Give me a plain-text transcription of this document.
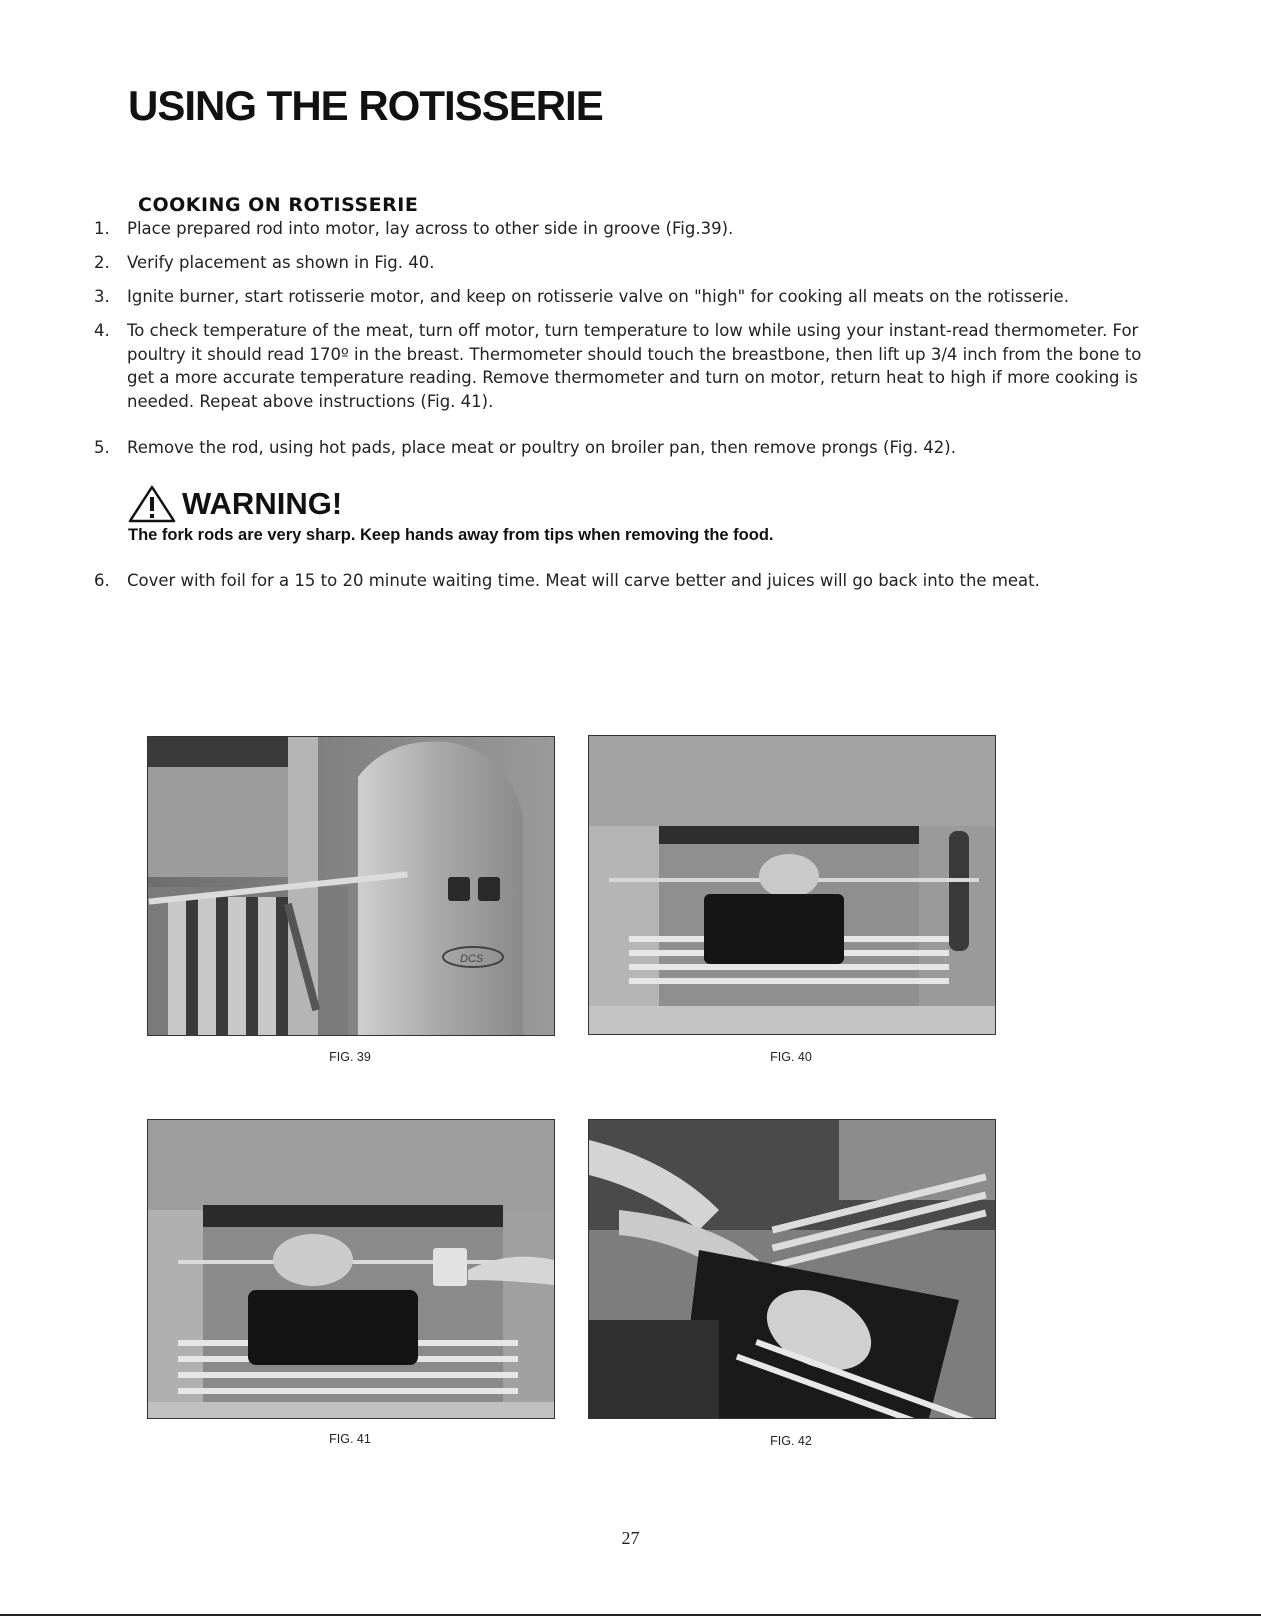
USING THE ROTISSERIE
COOKING ON ROTISSERIE
1. Place prepared rod into motor, lay across to other side in groove (Fig.39).
2. Verify placement as shown in Fig. 40.
3. Ignite burner, start rotisserie motor, and keep on rotisserie valve on "high" for cooking all meats on the rotisserie.
4. To check temperature of the meat, turn off motor, turn temperature to low while using your instant-read thermometer. For poultry it should read 170º in the breast. Thermometer should touch the breastbone, then lift up 3/4 inch from the bone to get a more accurate temperature reading. Remove thermometer and turn on motor, return heat to high if more cooking is needed. Repeat above instructions (Fig. 41).
5. Remove the rod, using hot pads, place meat or poultry on broiler pan, then remove prongs (Fig. 42).
WARNING!
The fork rods are very sharp. Keep hands away from tips when removing the food.
6. Cover with foil for a 15 to 20 minute waiting time. Meat will carve better and juices will go back into the meat.
DCS
FIG. 39	FIG. 40
FIG. 41	FIG. 42
27
